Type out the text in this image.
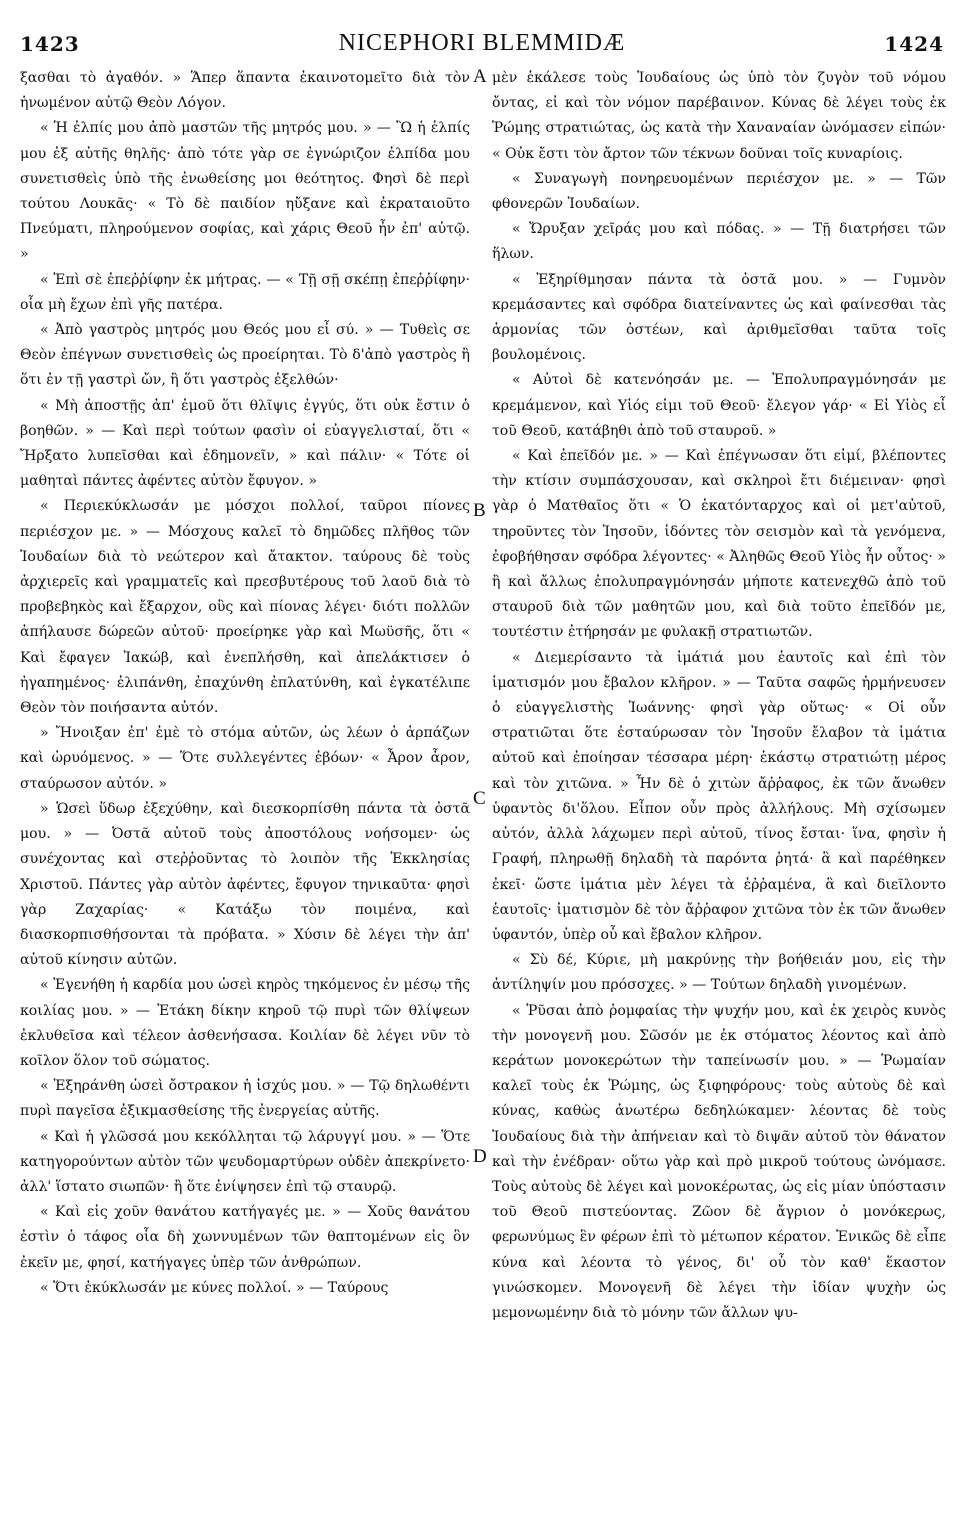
1423	NICEPHORI BLEMMIDÆ	1424

ξασθαι τὸ ἀγαθόν. » Ἅπερ ἅπαντα ἐκαινοτομεῖτο διὰ τὸν ἡνωμένον αὐτῷ Θεὸν Λόγον.

« Ἡ ἐλπίς μου ἀπὸ μαστῶν τῆς μητρός μου. » — Ὢ ἡ ἐλπίς μου ἐξ αὐτῆς θηλῆς· ἀπὸ τότε γὰρ σε ἐγνώριζον ἐλπίδα μου συνετισθεὶς ὑπὸ τῆς ἐνωθείσης μοι θεότητος. Φησὶ δὲ περὶ τούτου Λουκᾶς· « Τὸ δὲ παιδίον ηὔξανε καὶ ἐκραταιοῦτο Πνεύματι, πληρούμενον σοφίας, καὶ χάρις Θεοῦ ἦν ἐπ' αὐτῷ. »

« Ἐπὶ σὲ ἐπεῤῥίφην ἐκ μήτρας. — « Τῇ σῇ σκέπῃ ἐπεῤῥίφην· οἷα μὴ ἔχων ἐπὶ γῆς πατέρα.

« Ἀπὸ γαστρὸς μητρός μου Θεός μου εἶ σύ. » — Τυθεὶς σε Θεὸν ἐπέγνων συνετισθεὶς ὡς προείρηται. Τὸ δ'ἀπὸ γαστρὸς ἢ ὅτι ἐν τῇ γαστρὶ ὤν, ἢ ὅτι γαστρὸς ἐξελθών·

« Μὴ ἀποστῇς ἀπ' ἐμοῦ ὅτι θλῖψις ἐγγύς, ὅτι οὐκ ἔστιν ὁ βοηθῶν. » — Καὶ περὶ τούτων φασὶν οἱ εὐαγγελισταί, ὅτι « Ἤρξατο λυπεῖσθαι καὶ ἐδημονεῖν, » καὶ πάλιν· « Τότε οἱ μαθηταὶ πάντες ἀφέντες αὐτὸν ἔφυγον. »

« Περιεκύκλωσάν με μόσχοι πολλοί, ταῦροι πίονες περιέσχον με. » — Μόσχους καλεῖ τὸ δημῶδες πλῆθος τῶν Ἰουδαίων διὰ τὸ νεώτερον καὶ ἄτακτον. ταύρους δὲ τοὺς ἀρχιερεῖς καὶ γραμματεῖς καὶ πρεσβυτέρους τοῦ λαοῦ διὰ τὸ προβεβηκὸς καὶ ἔξαρχον, οὓς καὶ πίονας λέγει· διότι πολλῶν ἀπήλαυσε δώρεῶν αὐτοῦ· προείρηκε γὰρ καὶ Μωϋσῆς, ὅτι « Καὶ ἔφαγεν Ἰακώβ, καὶ ἐνεπλήσθη, καὶ ἀπελάκτισεν ὁ ἠγαπημένος· ἐλιπάνθη, ἐπαχύνθη ἐπλατύνθη, καὶ ἐγκατέλιπε Θεὸν τὸν ποιήσαντα αὐτόν.

» Ἤνοιξαν ἐπ' ἐμὲ τὸ στόμα αὐτῶν, ὡς λέων ὁ ἁρπάζων καὶ ὠρυόμενος. » — Ὅτε συλλεγέντες ἐβόων· « Ἆρον ἆρον, σταύρωσον αὐτόν. »

» Ὡσεὶ ὕδωρ ἐξεχύθην, καὶ διεσκορπίσθη πάντα τὰ ὀστᾶ μου. » — Ὀστᾶ αὐτοῦ τοὺς ἀποστόλους νοήσομεν· ὡς συνέχοντας καὶ στεῤῥοῦντας τὸ λοιπὸν τῆς Ἐκκλησίας Χριστοῦ. Πάντες γὰρ αὐτὸν ἀφέντες, ἔφυγον τηνικαῦτα· φησὶ γὰρ Ζαχαρίας· « Κατάξω τὸν ποιμένα, καὶ διασκορπισθήσονται τὰ πρόβατα. » Χύσιν δὲ λέγει τὴν ἀπ' αὐτοῦ κίνησιν αὐτῶν.

« Ἐγενήθη ἡ καρδία μου ὡσεὶ κηρὸς τηκόμενος ἐν μέσῳ τῆς κοιλίας μου. » — Ἐτάκη δίκην κηροῦ τῷ πυρὶ τῶν θλίψεων ἐκλυθεῖσα καὶ τέλεον ἀσθενήσασα. Κοιλίαν δὲ λέγει νῦν τὸ κοῖλον ὅλον τοῦ σώματος.

« Ἐξηράνθη ὡσεὶ ὄστρακον ἡ ἰσχύς μου. » — Τῷ δηλωθέντι πυρὶ παγεῖσα ἐξικμασθείσης τῆς ἐνεργείας αὐτῆς.

« Καὶ ἡ γλῶσσά μου κεκόλληται τῷ λάρυγγί μου. » — Ὅτε κατηγορούντων αὐτὸν τῶν ψευδομαρτύρων οὐδὲν ἀπεκρίνετο· ἀλλ' ἵστατο σιωπῶν· ἢ ὅτε ἐνίψησεν ἐπὶ τῷ σταυρῷ.

« Καὶ εἰς χοῦν θανάτου κατήγαγές με. » — Χοῦς θανάτου ἐστὶν ὁ τάφος οἷα δὴ χωννυμένων τῶν θαπτομένων εἰς ὃν ἐκεῖν με, φησί, κατήγαγες ὑπὲρ τῶν ἀνθρώπων.

« Ὅτι ἐκύκλωσάν με κύνες πολλοί. » — Ταύρους

A
B
C
D

μὲν ἐκάλεσε τοὺς Ἰουδαίους ὡς ὑπὸ τὸν ζυγὸν τοῦ νόμου ὄντας, εἰ καὶ τὸν νόμον παρέβαινον. Κύνας δὲ λέγει τοὺς ἐκ Ῥώμης στρατιώτας, ὡς κατὰ τὴν Χαναναίαν ὠνόμασεν εἰπών· « Οὐκ ἔστι τὸν ἄρτον τῶν τέκνων δοῦναι τοῖς κυναρίοις.

« Συναγωγὴ πονηρευομένων περιέσχον με. » — Τῶν φθονερῶν Ἰουδαίων.

« Ὤρυξαν χεῖράς μου καὶ πόδας. » — Τῇ διατρήσει τῶν ἥλων.

« Ἐξηρίθμησαν πάντα τὰ ὀστᾶ μου. » — Γυμνὸν κρεμάσαντες καὶ σφόδρα διατείναντες ὡς καὶ φαίνεσθαι τὰς ἁρμονίας τῶν ὀστέων, καὶ ἀριθμεῖσθαι ταῦτα τοῖς βουλομένοις.

« Αὐτοὶ δὲ κατενόησάν με. — Ἐπολυπραγμόνησάν με κρεμάμενον, καὶ Υἱός εἰμι τοῦ Θεοῦ· ἔλεγον γάρ· « Εἰ Υἱὸς εἶ τοῦ Θεοῦ, κατάβηθι ἀπὸ τοῦ σταυροῦ. »

« Καὶ ἐπεῖδόν με. » — Καὶ ἐπέγνωσαν ὅτι εἰμί, βλέποντες τὴν κτίσιν συμπάσχουσαν, καὶ σκληροὶ ἔτι διέμειναν· φησὶ γὰρ ὁ Ματθαῖος ὅτι « Ὁ ἑκατόνταρχος καὶ οἱ μετ'αὐτοῦ, τηροῦντες τὸν Ἰησοῦν, ἰδόντες τὸν σεισμὸν καὶ τὰ γενόμενα, ἐφοβήθησαν σφόδρα λέγοντες· « Ἀληθῶς Θεοῦ Υἱὸς ἦν οὗτος· » ἢ καὶ ἄλλως ἐπολυπραγμόνησάν μήποτε κατενεχθῶ ἀπὸ τοῦ σταυροῦ διὰ τῶν μαθητῶν μου, καὶ διὰ τοῦτο ἐπεῖδόν με, τουτέστιν ἐτήρησάν με φυλακῇ στρατιωτῶν.

« Διεμερίσαντο τὰ ἱμάτιά μου ἑαυτοῖς καὶ ἐπὶ τὸν ἱματισμόν μου ἔβαλον κλῆρον. » — Ταῦτα σαφῶς ἡρμήνευσεν ὁ εὐαγγελιστὴς Ἰωάννης· φησὶ γὰρ οὕτως· « Οἱ οὖν στρατιῶται ὅτε ἐσταύρωσαν τὸν Ἰησοῦν ἔλαβον τὰ ἱμάτια αὐτοῦ καὶ ἐποίησαν τέσσαρα μέρη· ἑκάστῳ στρατιώτῃ μέρος καὶ τὸν χιτῶνα. » Ἦν δὲ ὁ χιτὼν ἄῤῥαφος, ἐκ τῶν ἄνωθεν ὑφαντὸς δι'ὅλου. Εἶπον οὖν πρὸς ἀλλήλους. Μὴ σχίσωμεν αὐτόν, ἀλλὰ λάχωμεν περὶ αὐτοῦ, τίνος ἔσται· ἵνα, φησὶν ἡ Γραφή, πληρωθῇ δηλαδὴ τὰ παρόντα ῥητά· ἃ καὶ παρέθηκεν ἐκεῖ· ὥστε ἱμάτια μὲν λέγει τὰ ἐῤῥαμένα, ἃ καὶ διεῖλοντο ἑαυτοῖς· ἱματισμὸν δὲ τὸν ἄῤῥαφον χιτῶνα τὸν ἐκ τῶν ἄνωθεν ὑφαντόν, ὑπὲρ οὗ καὶ ἔβαλον κλῆρον.

« Σὺ δέ, Κύριε, μὴ μακρύνῃς τὴν βοήθειάν μου, εἰς τὴν ἀντίληψίν μου πρόσσχες. » — Τούτων δηλαδὴ γινομένων.

« Ῥῦσαι ἀπὸ ῥομφαίας τὴν ψυχήν μου, καὶ ἐκ χειρὸς κυνὸς τὴν μονογενῆ μου. Σῶσόν με ἐκ στόματος λέοντος καὶ ἀπὸ κεράτων μονοκερώτων τὴν ταπείνωσίν μου. » — Ῥωμαίαν καλεῖ τοὺς ἐκ Ῥώμης, ὡς ξιφηφόρους· τοὺς αὐτοὺς δὲ καὶ κύνας, καθὼς ἀνωτέρω δεδηλώκαμεν· λέοντας δὲ τοὺς Ἰουδαίους διὰ τὴν ἀπήνειαν καὶ τὸ διψᾶν αὐτοῦ τὸν θάνατον καὶ τὴν ἐνέδραν· οὕτω γὰρ καὶ πρὸ μικροῦ τούτους ὠνόμασε. Τοὺς αὐτοὺς δὲ λέγει καὶ μονοκέρωτας, ὡς εἰς μίαν ὑπόστασιν τοῦ Θεοῦ πιστεύοντας. Ζῶον δὲ ἄγριον ὁ μονόκερως, φερωνύμως ἓν φέρων ἐπὶ τὸ μέτωπον κέρατον. Ἑνικῶς δὲ εἶπε κύνα καὶ λέοντα τὸ γένος, δι' οὗ τὸν καθ' ἕκαστον γινώσκομεν. Μονογενῆ δὲ λέγει τὴν ἰδίαν ψυχὴν ὡς μεμονωμένην διὰ τὸ μόνην τῶν ἄλλων ψυ-
